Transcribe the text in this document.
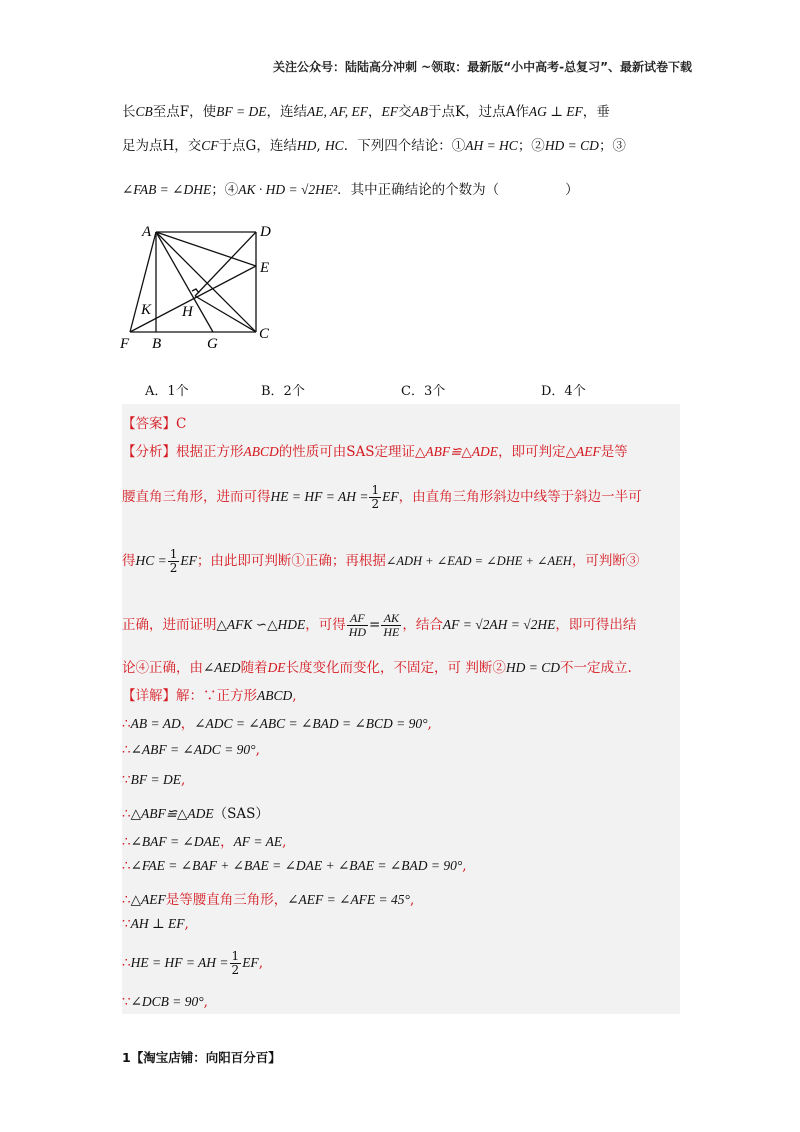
关注公众号：陆陆高分冲刺 ~领取：最新版“小中高考-总复习”、最新试卷下载
长CB至点F，使BF = DE，连结AE, AF, EF，EF交AB于点K，过点A作AG ⊥ EF，垂
足为点H，交CF于点G，连结HD, HC．下列四个结论：①AH = HC；②HD = CD；③
∠FAB = ∠DHE；④AK · HD = √2HE²．其中正确结论的个数为（	）
A	D
E
K H
F B	G
C
A．1个	B．2个	C．3个	D．4个
【答案】C
【分析】根据正方形ABCD的性质可由SAS定理证△ABF≌△ADE，即可判定△AEF是等
腰直角三角形，进而可得HE = HF = AH = $\frac{1}{2}$ EF，由直角三角形斜边中线等于斜边一半可
得HC = $\frac{1}{2}$ EF；由此即可判断①正确；再根据∠ADH + ∠EAD = ∠DHE + ∠AEH，可判断③
正确，进而证明△AFK ∽△HDE，可得 $\frac{AF}{HD} = \frac{AK}{HE}$ ，结合AF = √2AH = √2HE，即可得出结
论④正确，由∠AED随着DE长度变化而变化，不固定，可 判断②HD = CD不一定成立.
【详解】解：∵正方形ABCD,
∴AB = AD，∠ADC = ∠ABC = ∠BAD = ∠BCD = 90°,
∴∠ABF = ∠ADC = 90°,
∵BF = DE,
∴△ABF≌△ADE（SAS）
∴∠BAF = ∠DAE，AF = AE,
∴∠FAE = ∠BAF + ∠BAE = ∠DAE + ∠BAE = ∠BAD = 90°,
∴△AEF是等腰直角三角形，∠AEF = ∠AFE = 45°,
∵AH ⊥ EF,
∴HE = HF = AH = $\frac{1}{2}$ EF,
∵∠DCB = 90°,
1【淘宝店铺：向阳百分百】
